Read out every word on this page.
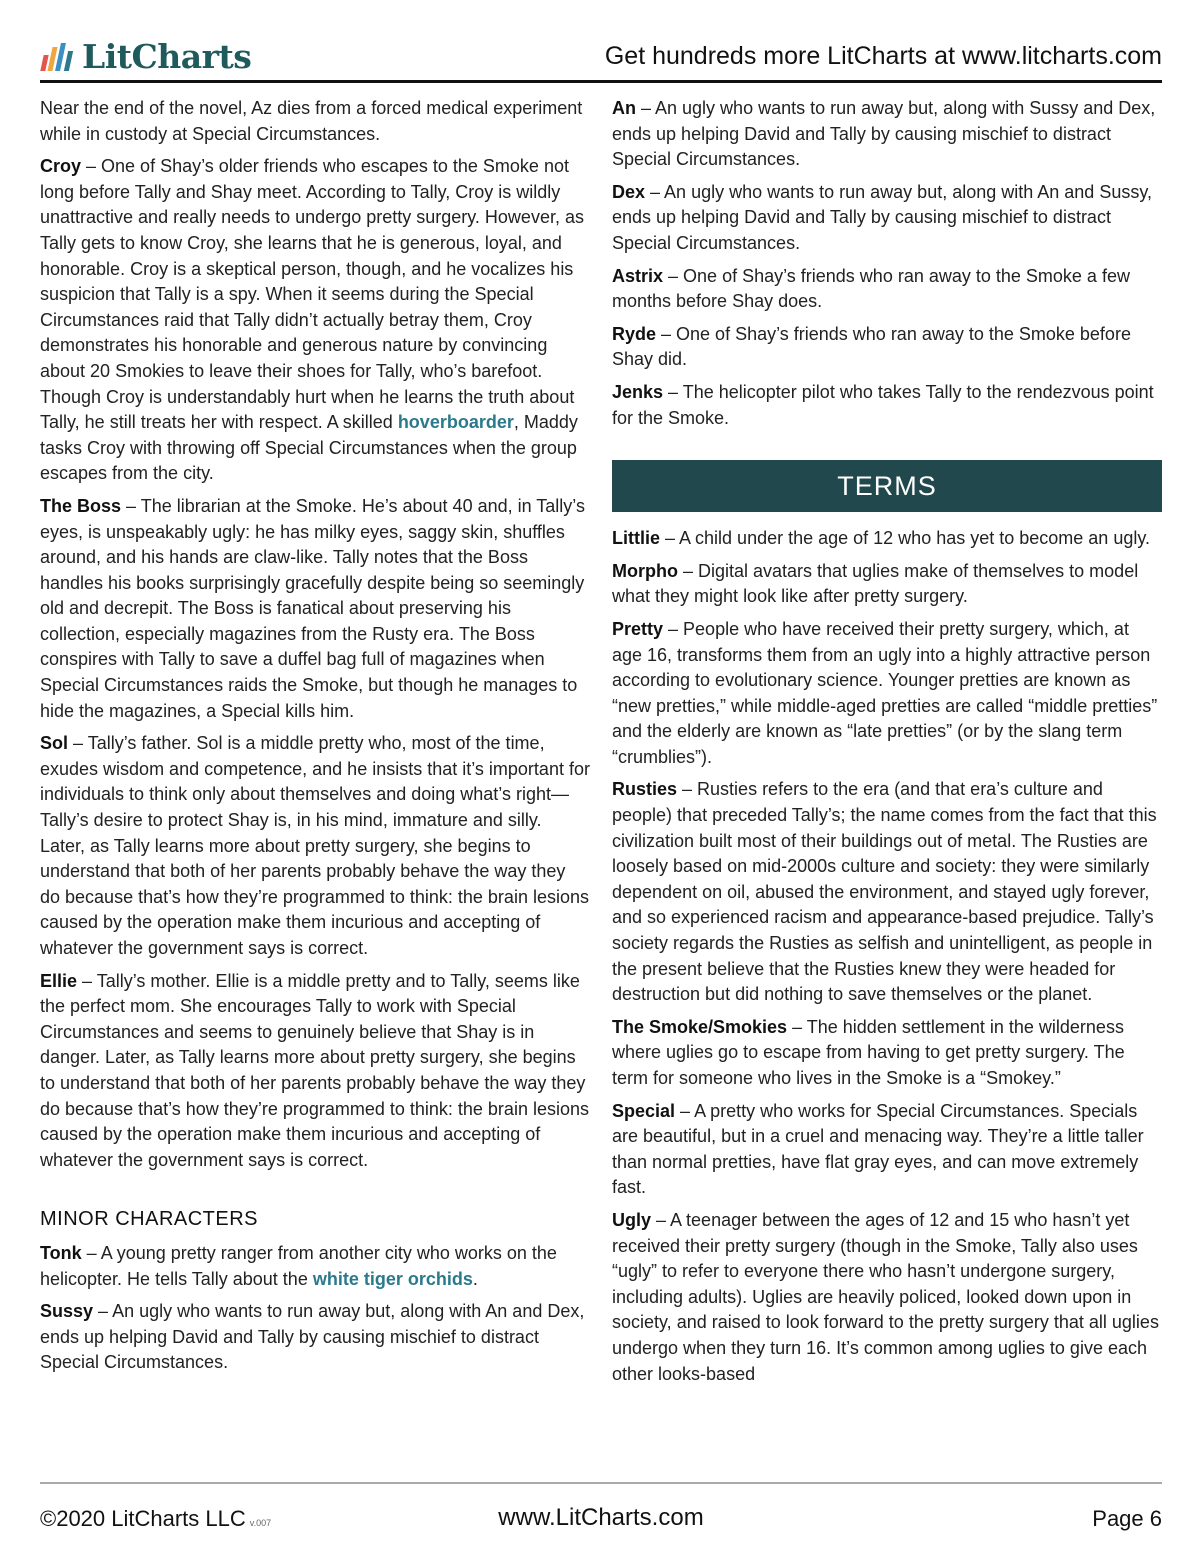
LitCharts	Get hundreds more LitCharts at www.litcharts.com

Near the end of the novel, Az dies from a forced medical experiment while in custody at Special Circumstances.

Croy – One of Shay’s older friends who escapes to the Smoke not long before Tally and Shay meet. According to Tally, Croy is wildly unattractive and really needs to undergo pretty surgery. However, as Tally gets to know Croy, she learns that he is generous, loyal, and honorable. Croy is a skeptical person, though, and he vocalizes his suspicion that Tally is a spy. When it seems during the Special Circumstances raid that Tally didn’t actually betray them, Croy demonstrates his honorable and generous nature by convincing about 20 Smokies to leave their shoes for Tally, who’s barefoot. Though Croy is understandably hurt when he learns the truth about Tally, he still treats her with respect. A skilled hoverboarder, Maddy tasks Croy with throwing off Special Circumstances when the group escapes from the city.

The Boss – The librarian at the Smoke. He’s about 40 and, in Tally’s eyes, is unspeakably ugly: he has milky eyes, saggy skin, shuffles around, and his hands are claw-like. Tally notes that the Boss handles his books surprisingly gracefully despite being so seemingly old and decrepit. The Boss is fanatical about preserving his collection, especially magazines from the Rusty era. The Boss conspires with Tally to save a duffel bag full of magazines when Special Circumstances raids the Smoke, but though he manages to hide the magazines, a Special kills him.

Sol – Tally’s father. Sol is a middle pretty who, most of the time, exudes wisdom and competence, and he insists that it’s important for individuals to think only about themselves and doing what’s right—Tally’s desire to protect Shay is, in his mind, immature and silly. Later, as Tally learns more about pretty surgery, she begins to understand that both of her parents probably behave the way they do because that’s how they’re programmed to think: the brain lesions caused by the operation make them incurious and accepting of whatever the government says is correct.

Ellie – Tally’s mother. Ellie is a middle pretty and to Tally, seems like the perfect mom. She encourages Tally to work with Special Circumstances and seems to genuinely believe that Shay is in danger. Later, as Tally learns more about pretty surgery, she begins to understand that both of her parents probably behave the way they do because that’s how they’re programmed to think: the brain lesions caused by the operation make them incurious and accepting of whatever the government says is correct.

MINOR CHARACTERS

Tonk – A young pretty ranger from another city who works on the helicopter. He tells Tally about the white tiger orchids.

Sussy – An ugly who wants to run away but, along with An and Dex, ends up helping David and Tally by causing mischief to distract Special Circumstances.

An – An ugly who wants to run away but, along with Sussy and Dex, ends up helping David and Tally by causing mischief to distract Special Circumstances.

Dex – An ugly who wants to run away but, along with An and Sussy, ends up helping David and Tally by causing mischief to distract Special Circumstances.

Astrix – One of Shay’s friends who ran away to the Smoke a few months before Shay does.

Ryde – One of Shay’s friends who ran away to the Smoke before Shay did.

Jenks – The helicopter pilot who takes Tally to the rendezvous point for the Smoke.

TERMS

Littlie – A child under the age of 12 who has yet to become an ugly.

Morpho – Digital avatars that uglies make of themselves to model what they might look like after pretty surgery.

Pretty – People who have received their pretty surgery, which, at age 16, transforms them from an ugly into a highly attractive person according to evolutionary science. Younger pretties are known as “new pretties,” while middle-aged pretties are called “middle pretties” and the elderly are known as “late pretties” (or by the slang term “crumblies”).

Rusties – Rusties refers to the era (and that era’s culture and people) that preceded Tally’s; the name comes from the fact that this civilization built most of their buildings out of metal. The Rusties are loosely based on mid-2000s culture and society: they were similarly dependent on oil, abused the environment, and stayed ugly forever, and so experienced racism and appearance-based prejudice. Tally’s society regards the Rusties as selfish and unintelligent, as people in the present believe that the Rusties knew they were headed for destruction but did nothing to save themselves or the planet.

The Smoke/Smokies – The hidden settlement in the wilderness where uglies go to escape from having to get pretty surgery. The term for someone who lives in the Smoke is a “Smokey.”

Special – A pretty who works for Special Circumstances. Specials are beautiful, but in a cruel and menacing way. They’re a little taller than normal pretties, have flat gray eyes, and can move extremely fast.

Ugly – A teenager between the ages of 12 and 15 who hasn’t yet received their pretty surgery (though in the Smoke, Tally also uses “ugly” to refer to everyone there who hasn’t undergone surgery, including adults). Uglies are heavily policed, looked down upon in society, and raised to look forward to the pretty surgery that all uglies undergo when they turn 16. It’s common among uglies to give each other looks-based

©2020 LitCharts LLC v.007	www.LitCharts.com	Page 6
